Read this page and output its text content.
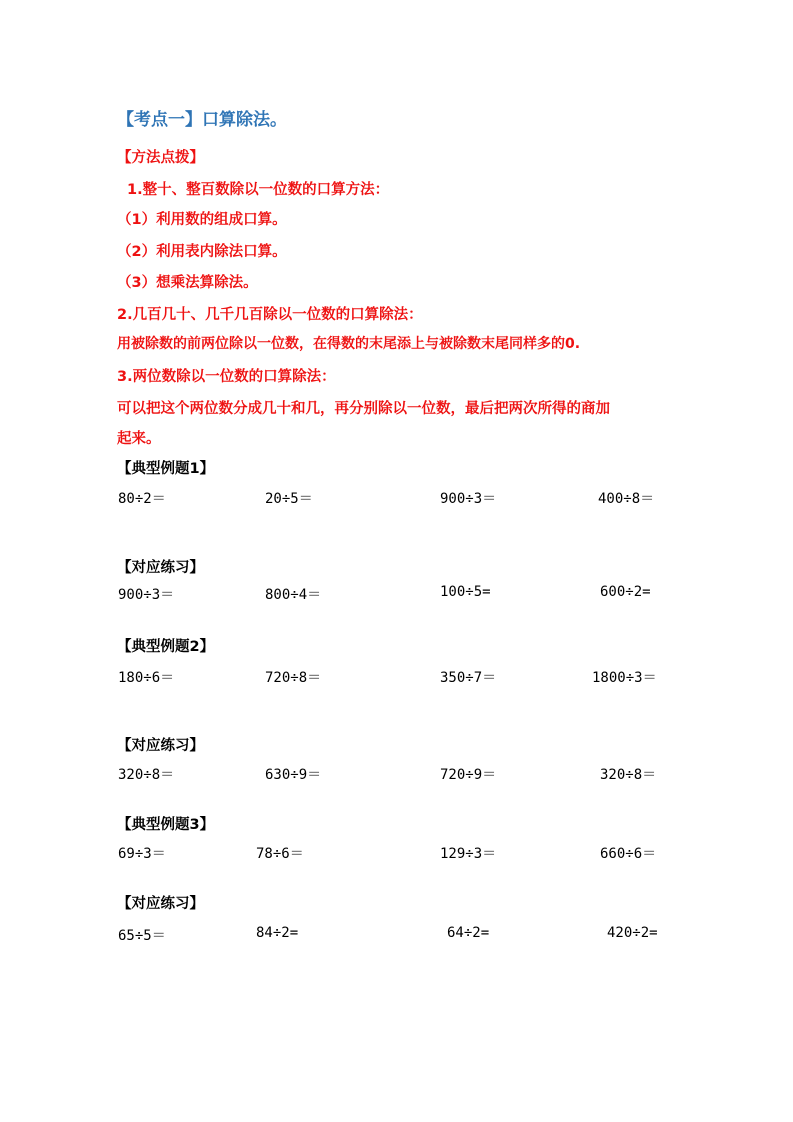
【考点一】口算除法。
【方法点拨】
1.整十、整百数除以一位数的口算方法：
（1）利用数的组成口算。
（2）利用表内除法口算。
（3）想乘法算除法。
2.几百几十、几千几百除以一位数的口算除法：
用被除数的前两位除以一位数，在得数的末尾添上与被除数末尾同样多的0.
3.两位数除以一位数的口算除法：
可以把这个两位数分成几十和几，再分别除以一位数，最后把两次所得的商加
起来。
【典型例题1】
80÷2＝	20÷5＝	900÷3＝	400÷8＝
【对应练习】
900÷3＝	800÷4＝	100÷5=	600÷2=
【典型例题2】
180÷6＝	720÷8＝	350÷7＝	1800÷3＝
【对应练习】
320÷8＝	630÷9＝	720÷9＝	320÷8＝
【典型例题3】
69÷3＝	78÷6＝	129÷3＝	660÷6＝
【对应练习】
65÷5＝	84÷2=	64÷2=	420÷2=
